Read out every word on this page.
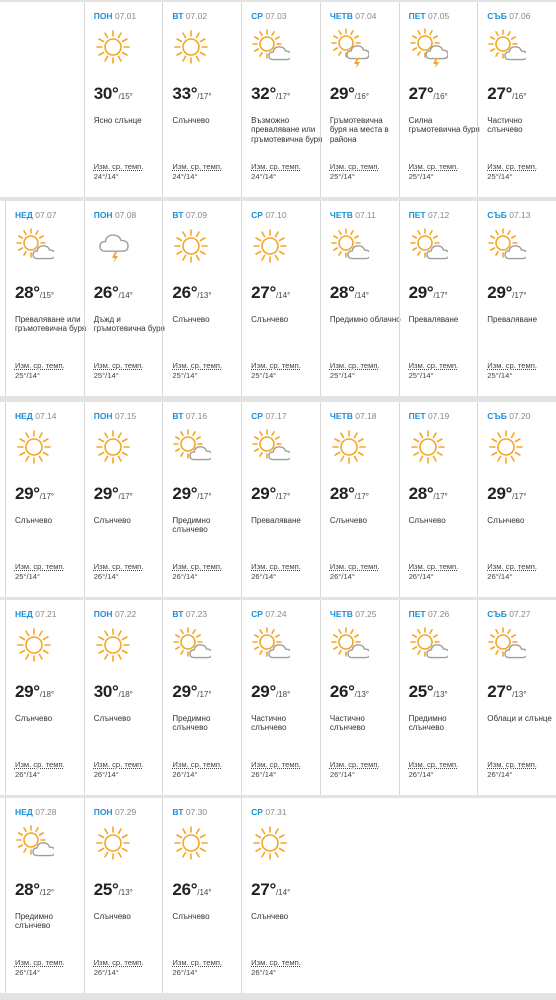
ПОН 07.01
30°/15°
Ясно слънце
Изм. ср. темп.
24°/14°
ВТ 07.02
33°/17°
Слънчево
Изм. ср. темп.
24°/14°
СР 07.03
32°/17°
Възможно преваляване или гръмотевична буря
Изм. ср. темп.
24°/14°
ЧЕТВ 07.04
29°/16°
Гръмотевична буря на места в района
Изм. ср. темп.
25°/14°
ПЕТ 07.05
27°/16°
Силна гръмотевична буря
Изм. ср. темп.
25°/14°
СЪБ 07.06
27°/16°
Частично слънчево
Изм. ср. темп.
25°/14°
НЕД 07.07
28°/15°
Преваляване или гръмотевична буря
Изм. ср. темп.
25°/14°
ПОН 07.08
26°/14°
Дъжд и гръмотевична буря
Изм. ср. темп.
25°/14°
ВТ 07.09
26°/13°
Слънчево
Изм. ср. темп.
25°/14°
СР 07.10
27°/14°
Слънчево
Изм. ср. темп.
25°/14°
ЧЕТВ 07.11
28°/14°
Предимно облачно
Изм. ср. темп.
25°/14°
ПЕТ 07.12
29°/17°
Преваляване
Изм. ср. темп.
25°/14°
СЪБ 07.13
29°/17°
Преваляване
Изм. ср. темп.
25°/14°
НЕД 07.14
29°/17°
Слънчево
Изм. ср. темп.
25°/14°
ПОН 07.15
29°/17°
Слънчево
Изм. ср. темп.
26°/14°
ВТ 07.16
29°/17°
Предимно слънчево
Изм. ср. темп.
26°/14°
СР 07.17
29°/17°
Преваляване
Изм. ср. темп.
26°/14°
ЧЕТВ 07.18
28°/17°
Слънчево
Изм. ср. темп.
26°/14°
ПЕТ 07.19
28°/17°
Слънчево
Изм. ср. темп.
26°/14°
СЪБ 07.20
29°/17°
Слънчево
Изм. ср. темп.
26°/14°
НЕД 07.21
29°/18°
Слънчево
Изм. ср. темп.
26°/14°
ПОН 07.22
30°/18°
Слънчево
Изм. ср. темп.
26°/14°
ВТ 07.23
29°/17°
Предимно слънчево
Изм. ср. темп.
26°/14°
СР 07.24
29°/18°
Частично слънчево
Изм. ср. темп.
26°/14°
ЧЕТВ 07.25
26°/13°
Частично слънчево
Изм. ср. темп.
26°/14°
ПЕТ 07.26
25°/13°
Предимно слънчево
Изм. ср. темп.
26°/14°
СЪБ 07.27
27°/13°
Облаци и слънце
Изм. ср. темп.
26°/14°
НЕД 07.28
28°/12°
Предимно слънчево
Изм. ср. темп.
26°/14°
ПОН 07.29
25°/13°
Слънчево
Изм. ср. темп.
26°/14°
ВТ 07.30
26°/14°
Слънчево
Изм. ср. темп.
26°/14°
СР 07.31
27°/14°
Слънчево
Изм. ср. темп.
26°/14°
